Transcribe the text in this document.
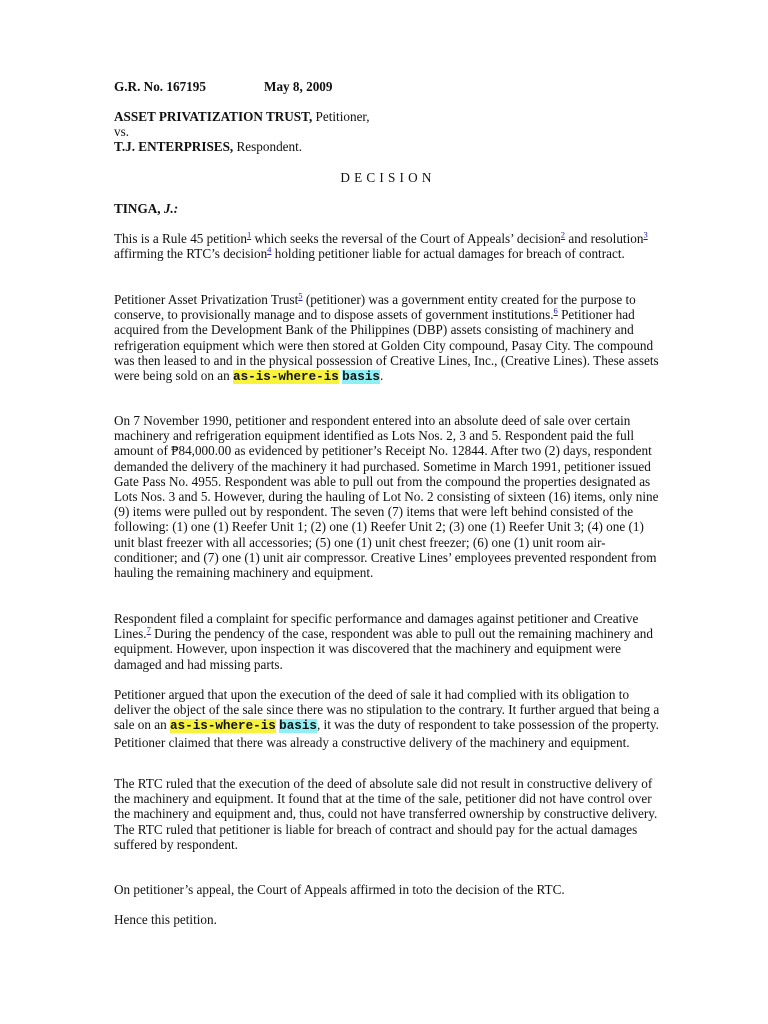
G.R. No. 167195	May 8, 2009
ASSET PRIVATIZATION TRUST, Petitioner,
vs.
T.J. ENTERPRISES, Respondent.
DECISION
TINGA, J.:

This is a Rule 45 petition$^1$ which seeks the reversal of the Court of Appeals’ decision$^2$ and resolution$^3$ affirming the RTC’s decision$^4$ holding petitioner liable for actual damages for breach of contract.

Petitioner Asset Privatization Trust$^5$ (petitioner) was a government entity created for the purpose to conserve, to provisionally manage and to dispose assets of government institutions.$^6$ Petitioner had acquired from the Development Bank of the Philippines (DBP) assets consisting of machinery and refrigeration equipment which were then stored at Golden City compound, Pasay City. The compound was then leased to and in the physical possession of Creative Lines, Inc., (Creative Lines). These assets were being sold on an as-is-where-is basis.

On 7 November 1990, petitioner and respondent entered into an absolute deed of sale over certain machinery and refrigeration equipment identified as Lots Nos. 2, 3 and 5. Respondent paid the full amount of ₱84,000.00 as evidenced by petitioner’s Receipt No. 12844. After two (2) days, respondent demanded the delivery of the machinery it had purchased. Sometime in March 1991, petitioner issued Gate Pass No. 4955. Respondent was able to pull out from the compound the properties designated as Lots Nos. 3 and 5. However, during the hauling of Lot No. 2 consisting of sixteen (16) items, only nine (9) items were pulled out by respondent. The seven (7) items that were left behind consisted of the following: (1) one (1) Reefer Unit 1; (2) one (1) Reefer Unit 2; (3) one (1) Reefer Unit 3; (4) one (1) unit blast freezer with all accessories; (5) one (1) unit chest freezer; (6) one (1) unit room air-conditioner; and (7) one (1) unit air compressor. Creative Lines’ employees prevented respondent from hauling the remaining machinery and equipment.

Respondent filed a complaint for specific performance and damages against petitioner and Creative Lines.$^7$ During the pendency of the case, respondent was able to pull out the remaining machinery and equipment. However, upon inspection it was discovered that the machinery and equipment were damaged and had missing parts.

Petitioner argued that upon the execution of the deed of sale it had complied with its obligation to deliver the object of the sale since there was no stipulation to the contrary. It further argued that being a sale on an as-is-where-is basis, it was the duty of respondent to take possession of the property. Petitioner claimed that there was already a constructive delivery of the machinery and equipment.

The RTC ruled that the execution of the deed of absolute sale did not result in constructive delivery of the machinery and equipment. It found that at the time of the sale, petitioner did not have control over the machinery and equipment and, thus, could not have transferred ownership by constructive delivery. The RTC ruled that petitioner is liable for breach of contract and should pay for the actual damages suffered by respondent.

On petitioner’s appeal, the Court of Appeals affirmed in toto the decision of the RTC.

Hence this petition.
